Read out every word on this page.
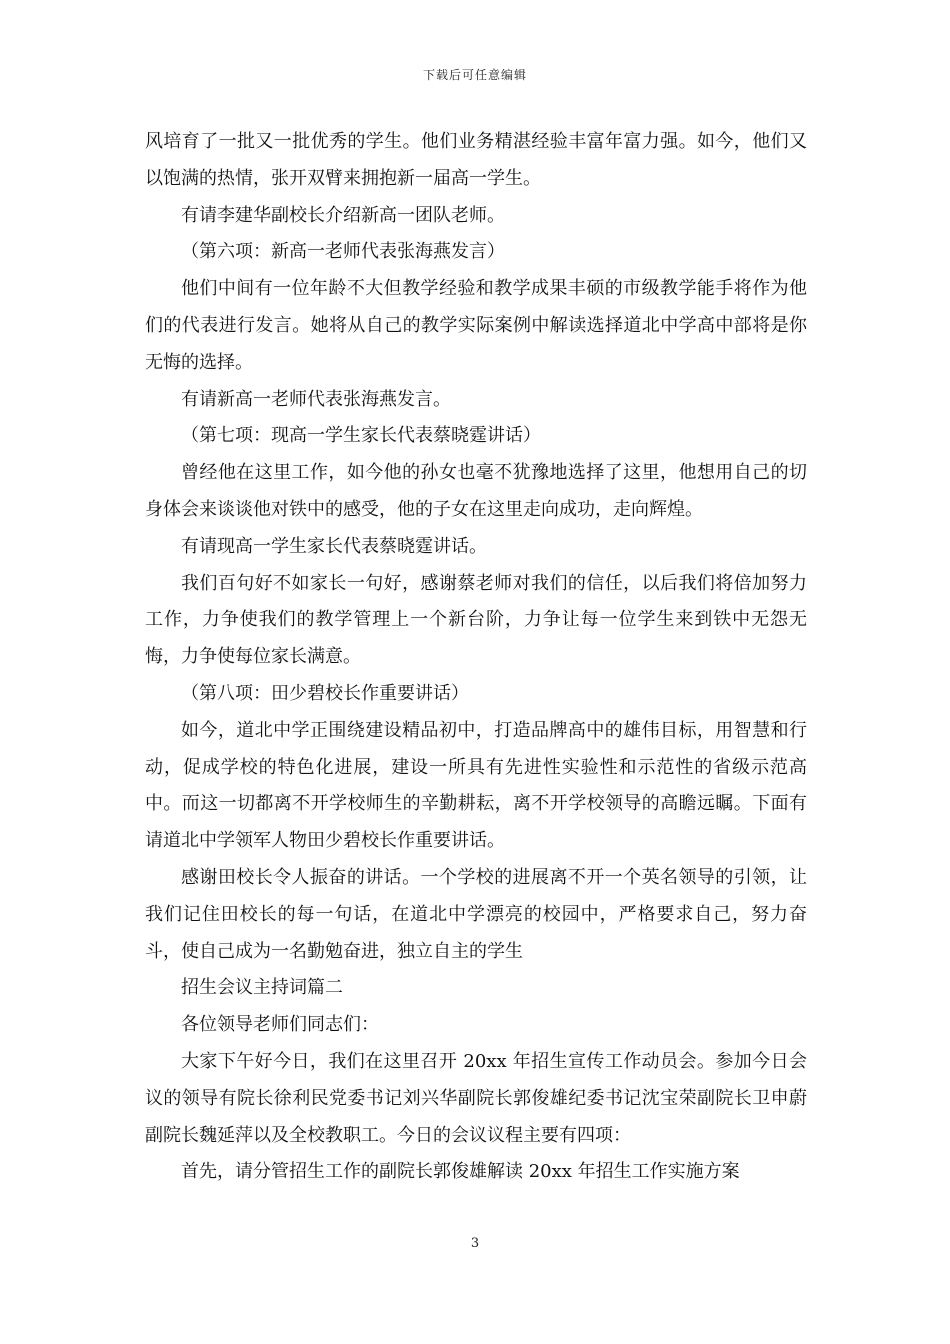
下载后可任意编辑

风培育了一批又一批优秀的学生。他们业务精湛经验丰富年富力强。如今，他们又以饱满的热情，张开双臂来拥抱新一届高一学生。

有请李建华副校长介绍新高一团队老师。

（第六项：新高一老师代表张海燕发言）

他们中间有一位年龄不大但教学经验和教学成果丰硕的市级教学能手将作为他们的代表进行发言。她将从自己的教学实际案例中解读选择道北中学高中部将是你无悔的选择。

有请新高一老师代表张海燕发言。

（第七项：现高一学生家长代表蔡晓霆讲话）

曾经他在这里工作，如今他的孙女也毫不犹豫地选择了这里，他想用自己的切身体会来谈谈他对铁中的感受，他的子女在这里走向成功，走向辉煌。

有请现高一学生家长代表蔡晓霆讲话。

我们百句好不如家长一句好，感谢蔡老师对我们的信任，以后我们将倍加努力工作，力争使我们的教学管理上一个新台阶，力争让每一位学生来到铁中无怨无悔，力争使每位家长满意。

（第八项：田少碧校长作重要讲话）

如今，道北中学正围绕建设精品初中，打造品牌高中的雄伟目标，用智慧和行动，促成学校的特色化进展，建设一所具有先进性实验性和示范性的省级示范高中。而这一切都离不开学校师生的辛勤耕耘，离不开学校领导的高瞻远瞩。下面有请道北中学领军人物田少碧校长作重要讲话。

感谢田校长令人振奋的讲话。一个学校的进展离不开一个英名领导的引领，让我们记住田校长的每一句话，在道北中学漂亮的校园中，严格要求自己，努力奋斗，使自己成为一名勤勉奋进，独立自主的学生

招生会议主持词篇二

各位领导老师们同志们：

大家下午好今日，我们在这里召开 20xx 年招生宣传工作动员会。参加今日会议的领导有院长徐利民党委书记刘兴华副院长郭俊雄纪委书记沈宝荣副院长卫申蔚副院长魏延萍以及全校教职工。今日的会议议程主要有四项：

首先，请分管招生工作的副院长郭俊雄解读 20xx 年招生工作实施方案

3
